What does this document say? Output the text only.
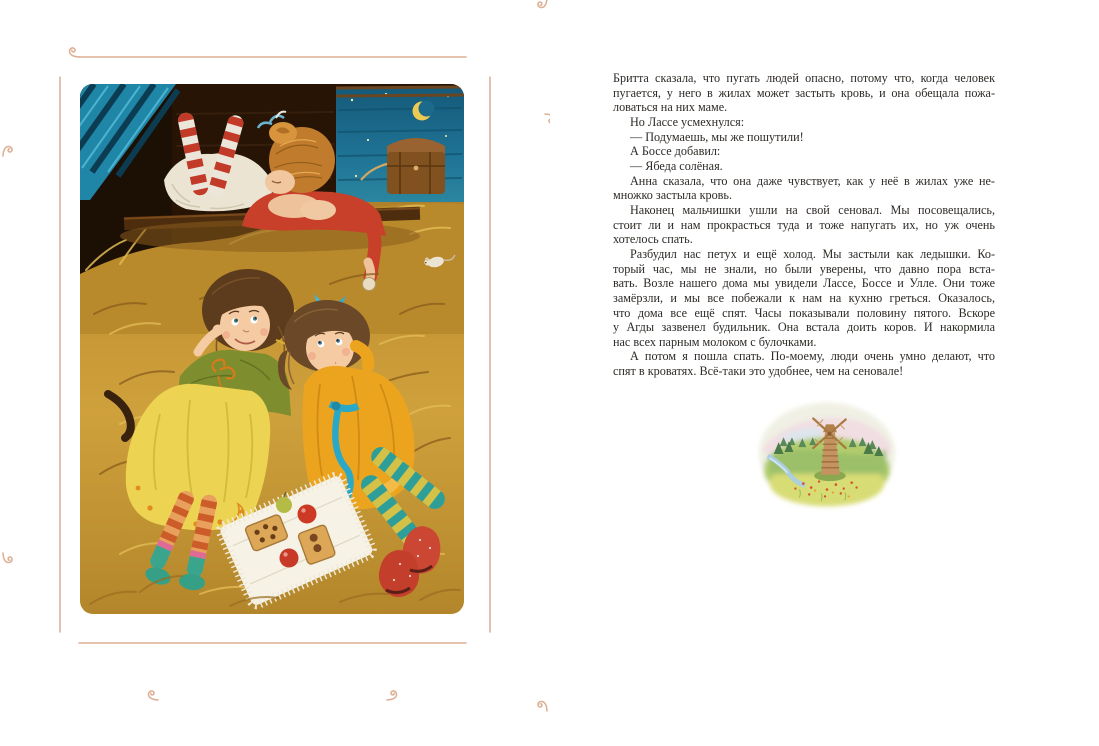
Бритта сказала, что пугать людей опасно, потому что, когда человек
пугается, у него в жилах может застыть кровь, и она обещала пожа-
ловаться на них маме.
Но Лассе усмехнулся:
— Подумаешь, мы же пошутили!
А Боссе добавил:
— Ябеда солёная.
Анна сказала, что она даже чувствует, как у неё в жилах уже не-
множко застыла кровь.
Наконец мальчишки ушли на свой сеновал. Мы посовещались,
стоит ли и нам прокрасться туда и тоже напугать их, но уж очень
хотелось спать.
Разбудил нас петух и ещё холод. Мы застыли как ледышки. Ко-
торый час, мы не знали, но были уверены, что давно пора вста-
вать. Возле нашего дома мы увидели Лассе, Боссе и Улле. Они тоже
замёрзли, и мы все побежали к нам на кухню греться. Оказалось,
что дома все ещё спят. Часы показывали половину пятого. Вскоре
у Агды зазвенел будильник. Она встала доить коров. И накормила
нас всех парным молоком с булочками.
А потом я пошла спать. По-моему, люди очень умно делают, что
спят в кроватях. Всё-таки это удобнее, чем на сеновале!
